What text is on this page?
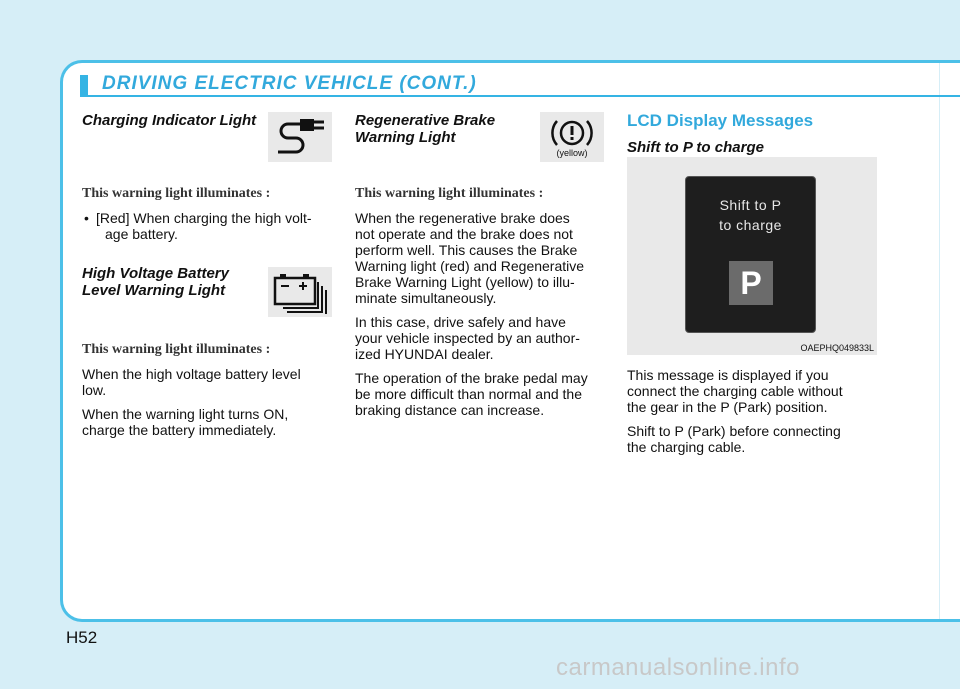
DRIVING ELECTRIC VEHICLE (CONT.)

Charging Indicator Light

This warning light illuminates :

• [Red] When charging the high volt-

age battery.

High Voltage Battery

Level Warning Light

This warning light illuminates :

When the high voltage battery level

low.

When the warning light turns ON,

charge the battery immediately.

Regenerative Brake

Warning Light

(yellow)

This warning light illuminates :

When the regenerative brake does

not operate and the brake does not

perform well. This causes the Brake

Warning light (red) and Regenerative

Brake Warning Light (yellow) to illu-

minate simultaneously.

In this case, drive safely and have

your vehicle inspected by an author-

ized HYUNDAI dealer.

The operation of the brake pedal may

be more difficult than normal and the

braking distance can increase.

LCD Display Messages

Shift to P to charge

Shift to P
to charge
P
OAEPHQ049833L

This message is displayed if you

connect the charging cable without

the gear in the P (Park) position.

Shift to P (Park) before connecting

the charging cable.

H52
carmanualsonline.info
